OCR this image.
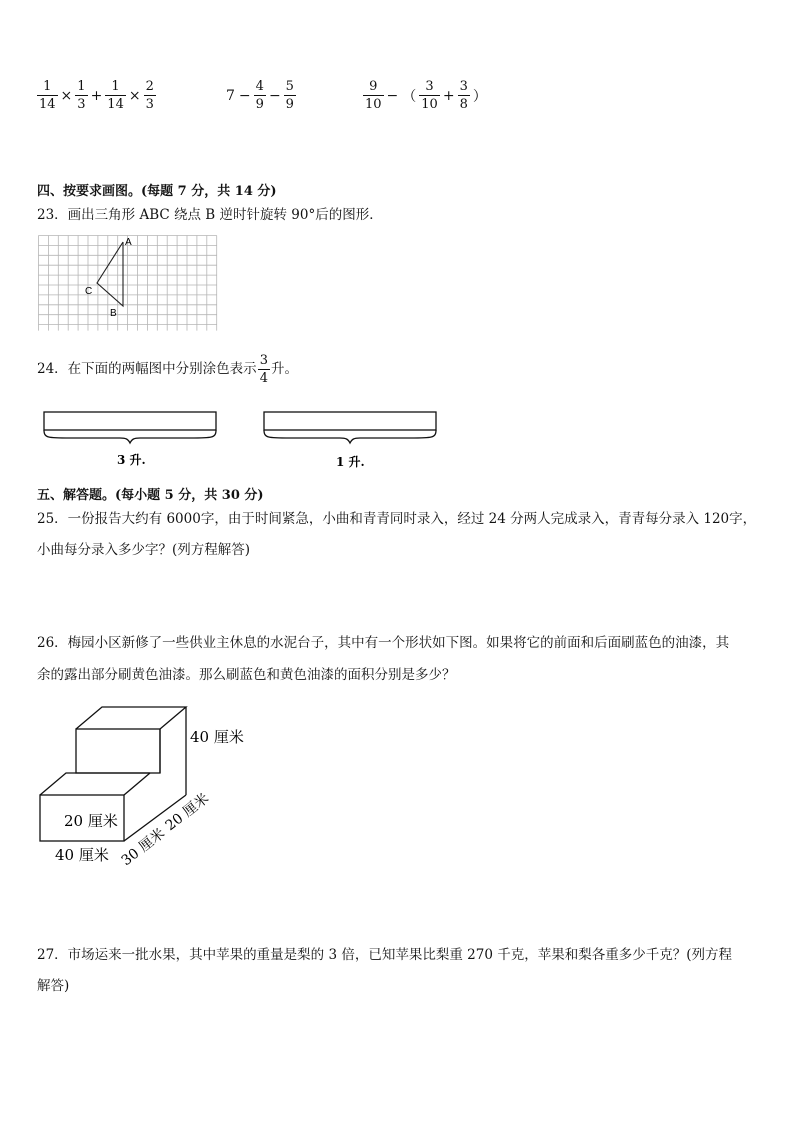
$\frac{1}{14} \times \frac{1}{3} + \frac{1}{14} \times \frac{2}{3}$	$7 - \frac{4}{9} - \frac{5}{9}$	$\frac{9}{10}$ − （ $\frac{3}{10} + \frac{3}{8}$ ）
四、按要求画图。(每题 7 分，共 14 分)
23．画出三角形 ABC 绕点 B 逆时针旋转 90°后的图形．
A
B
C
24．在下面的两幅图中分别涂色表示 $\frac{3}{4}$ 升。
3 升.	1 升.
五、解答题。(每小题 5 分，共 30 分)
25．一份报告大约有 6000字，由于时间紧急，小曲和青青同时录入，经过 24 分两人完成录入，青青每分录入 120字，
小曲每分录入多少字？(列方程解答)
26．梅园小区新修了一些供业主休息的水泥台子，其中有一个形状如下图。如果将它的前面和后面刷蓝色的油漆，其
余的露出部分刷黄色油漆。那么刷蓝色和黄色油漆的面积分别是多少？
40 厘米
20 厘米
40 厘米 30 厘米
20 厘米
27．市场运来一批水果，其中苹果的重量是梨的 3 倍，已知苹果比梨重 270 千克，苹果和梨各重多少千克？(列方程
解答)
